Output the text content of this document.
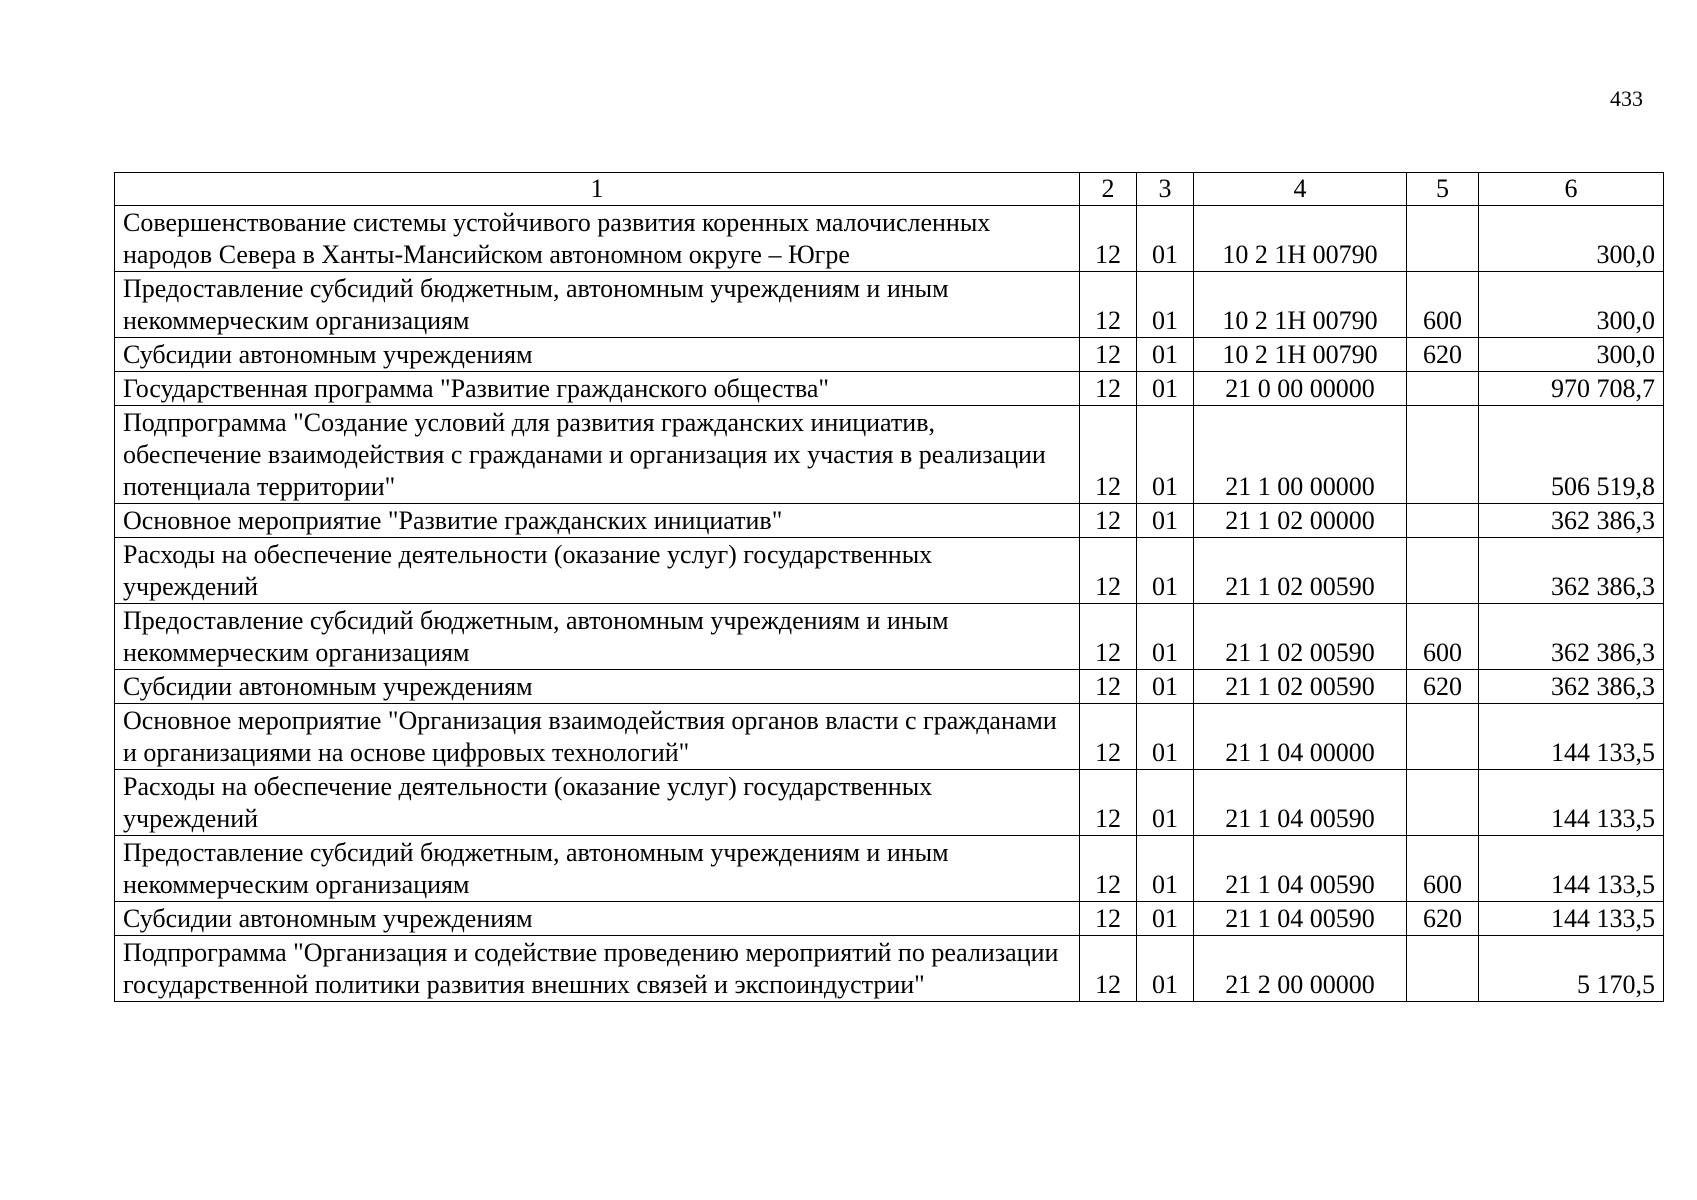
433
1	2	3	4	5	6
Совершенствование системы устойчивого развития коренных малочисленных народов Севера в Ханты-Мансийском автономном округе – Югре	12	01	10 2 1Н 00790		300,0
Предоставление субсидий бюджетным, автономным учреждениям и иным некоммерческим организациям	12	01	10 2 1Н 00790	600	300,0
Субсидии автономным учреждениям	12	01	10 2 1Н 00790	620	300,0
Государственная программа "Развитие гражданского общества"	12	01	21 0 00 00000		970 708,7
Подпрограмма "Создание условий для развития гражданских инициатив, обеспечение взаимодействия с гражданами и организация их участия в реализации потенциала территории"	12	01	21 1 00 00000		506 519,8
Основное мероприятие "Развитие гражданских инициатив"	12	01	21 1 02 00000		362 386,3
Расходы на обеспечение деятельности (оказание услуг) государственных учреждений	12	01	21 1 02 00590		362 386,3
Предоставление субсидий бюджетным, автономным учреждениям и иным некоммерческим организациям	12	01	21 1 02 00590	600	362 386,3
Субсидии автономным учреждениям	12	01	21 1 02 00590	620	362 386,3
Основное мероприятие "Организация взаимодействия органов власти с гражданами и организациями на основе цифровых технологий"	12	01	21 1 04 00000		144 133,5
Расходы на обеспечение деятельности (оказание услуг) государственных учреждений	12	01	21 1 04 00590		144 133,5
Предоставление субсидий бюджетным, автономным учреждениям и иным некоммерческим организациям	12	01	21 1 04 00590	600	144 133,5
Субсидии автономным учреждениям	12	01	21 1 04 00590	620	144 133,5
Подпрограмма "Организация и содействие проведению мероприятий по реализации государственной политики развития внешних связей и экспоиндустрии"	12	01	21 2 00 00000		5 170,5
